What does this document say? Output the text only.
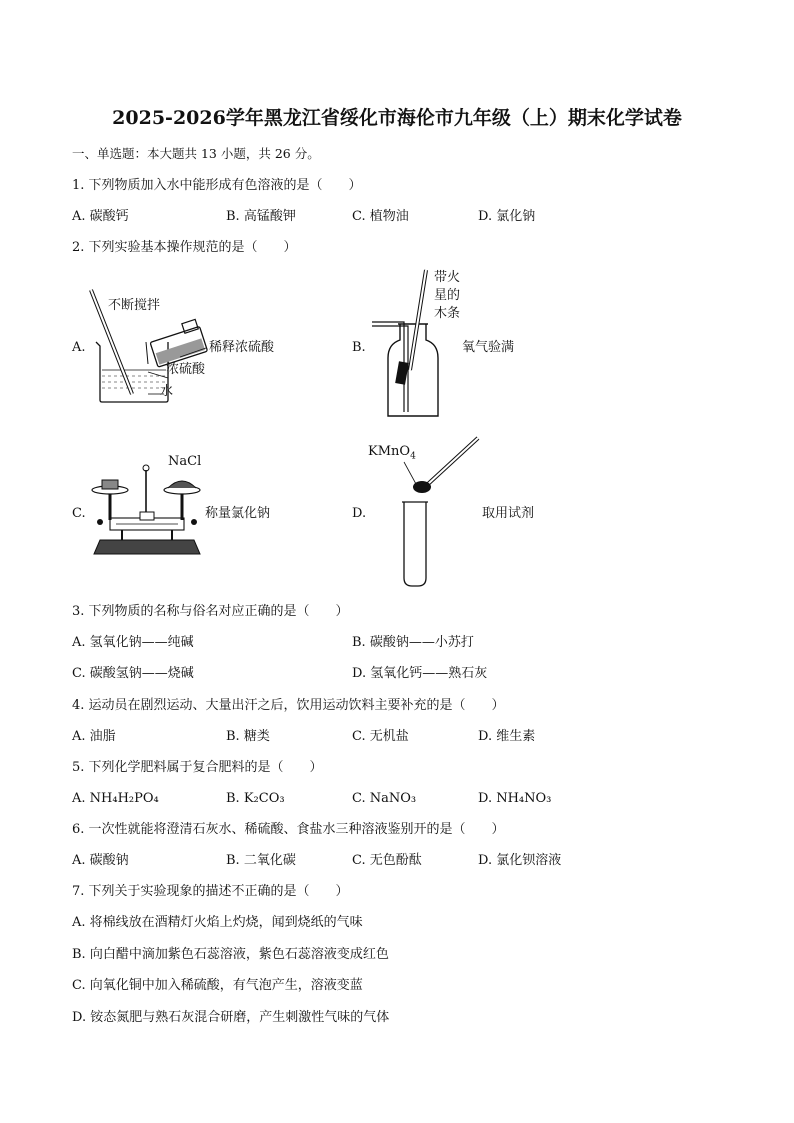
2025-2026学年黑龙江省绥化市海伦市九年级（上）期末化学试卷
一、单选题：本大题共 13 小题，共 26 分。
1. 下列物质加入水中能形成有色溶液的是（　　）
A. 碳酸钙	B. 高锰酸钾	C. 植物油	D. 氯化钠
2. 下列实验基本操作规范的是（　　）
A.
不断搅拌
稀释浓硫酸
浓硫酸
水
B.
带火
星的
木条
氧气验满
C.
NaCl
称量氯化钠	D.
KMnO$_4$
取用试剂
3. 下列物质的名称与俗名对应正确的是（　　）
A. 氢氧化钠——纯碱	B. 碳酸钠——小苏打
C. 碳酸氢钠——烧碱	D. 氢氧化钙——熟石灰
4. 运动员在剧烈运动、大量出汗之后，饮用运动饮料主要补充的是（　　）
A. 油脂	B. 糖类	C. 无机盐	D. 维生素
5. 下列化学肥料属于复合肥料的是（　　）
A. NH₄H₂PO₄	B. K₂CO₃	C. NaNO₃	D. NH₄NO₃
6. 一次性就能将澄清石灰水、稀硫酸、食盐水三种溶液鉴别开的是（　　）
A. 碳酸钠	B. 二氧化碳	C. 无色酚酞	D. 氯化钡溶液
7. 下列关于实验现象的描述不正确的是（　　）
A. 将棉线放在酒精灯火焰上灼烧，闻到烧纸的气味
B. 向白醋中滴加紫色石蕊溶液，紫色石蕊溶液变成红色
C. 向氧化铜中加入稀硫酸，有气泡产生，溶液变蓝
D. 铵态氮肥与熟石灰混合研磨，产生刺激性气味的气体
